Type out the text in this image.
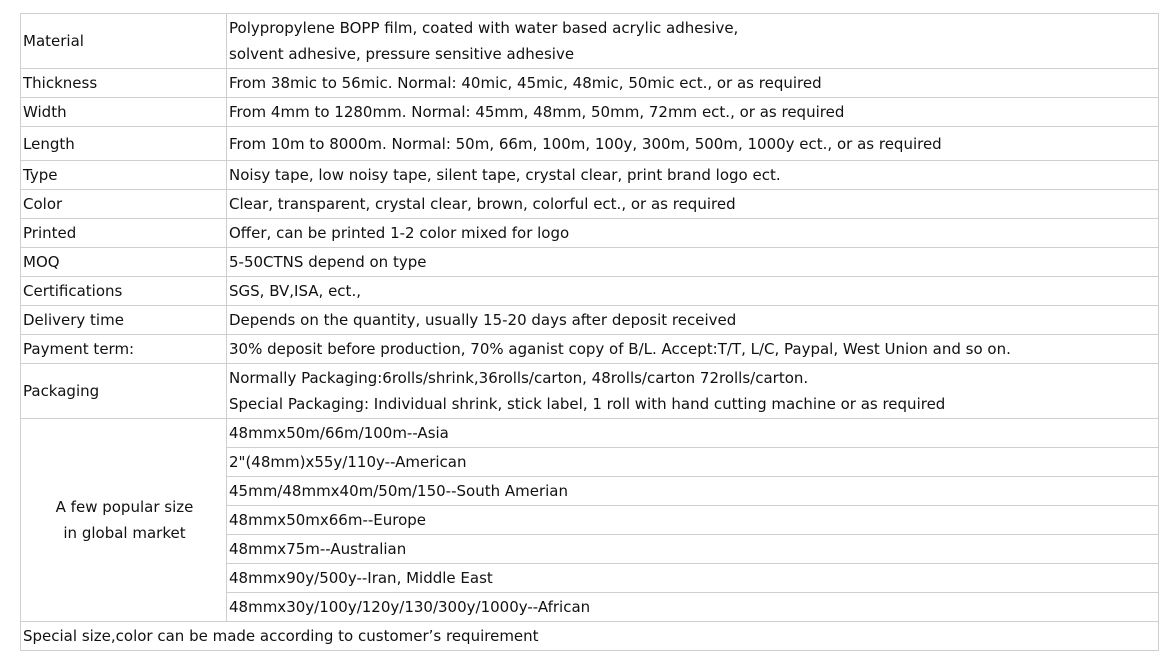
Material	Polypropylene BOPP film, coated with water based acrylic adhesive,
solvent adhesive, pressure sensitive adhesive

Thickness	From 38mic to 56mic. Normal: 40mic, 45mic, 48mic, 50mic ect., or as required
Width	From 4mm to 1280mm. Normal: 45mm, 48mm, 50mm, 72mm ect., or as required
Length	From 10m to 8000m. Normal: 50m, 66m, 100m, 100y, 300m, 500m, 1000y ect., or as required
Type	Noisy tape, low noisy tape, silent tape, crystal clear, print brand logo ect.
Color	Clear, transparent, crystal clear, brown, colorful ect., or as required
Printed	Offer, can be printed 1-2 color mixed for logo
MOQ	5-50CTNS depend on type
Certifications	SGS, BV,ISA, ect.,
Delivery time	Depends on the quantity, usually 15-20 days after deposit received
Payment term:	30% deposit before production, 70% aganist copy of B/L. Accept:T/T, L/C, Paypal, West Union and so on.
Packaging	Normally Packaging:6rolls/shrink,36rolls/carton, 48rolls/carton 72rolls/carton.
Special Packaging: Individual shrink, stick label, 1 roll with hand cutting machine or as required

A few popular size
in global market	48mmx50m/66m/100m--Asia
	2"(48mm)x55y/110y--American
	45mm/48mmx40m/50m/150--South Amerian
	48mmx50mx66m--Europe
	48mmx75m--Australian
	48mmx90y/500y--Iran, Middle East
	48mmx30y/100y/120y/130/300y/1000y--African
Special size,color can be made according to customer’s requirement	
